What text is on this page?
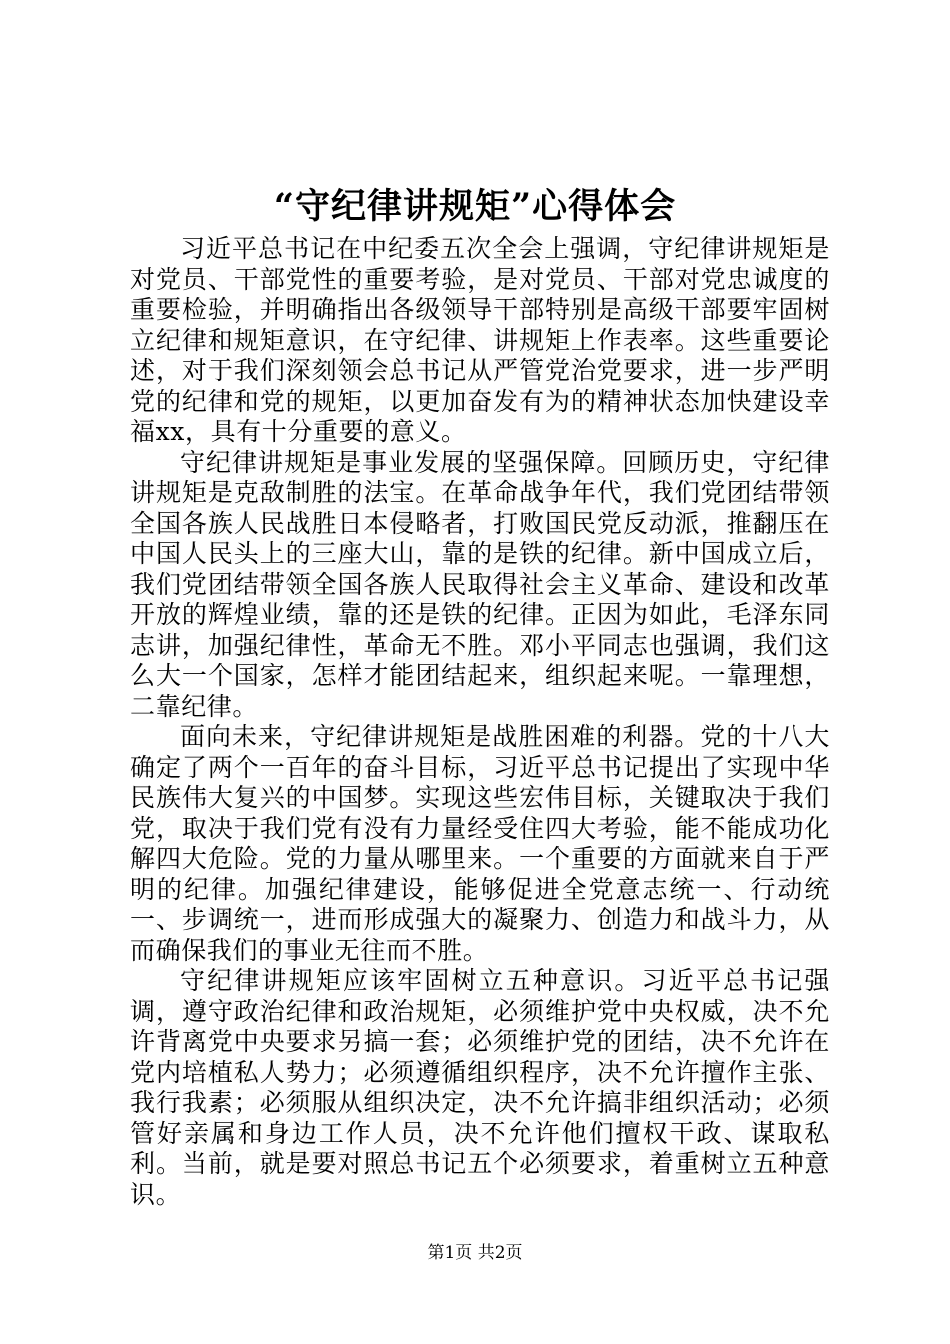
“守纪律讲规矩”心得体会

习近平总书记在中纪委五次全会上强调，守纪律讲规矩是对党员、干部党性的重要考验，是对党员、干部对党忠诚度的重要检验，并明确指出各级领导干部特别是高级干部要牢固树立纪律和规矩意识，在守纪律、讲规矩上作表率。这些重要论述，对于我们深刻领会总书记从严管党治党要求，进一步严明党的纪律和党的规矩，以更加奋发有为的精神状态加快建设幸福xx，具有十分重要的意义。

守纪律讲规矩是事业发展的坚强保障。回顾历史，守纪律讲规矩是克敌制胜的法宝。在革命战争年代，我们党团结带领全国各族人民战胜日本侵略者，打败国民党反动派，推翻压在中国人民头上的三座大山，靠的是铁的纪律。新中国成立后，我们党团结带领全国各族人民取得社会主义革命、建设和改革开放的辉煌业绩，靠的还是铁的纪律。正因为如此，毛泽东同志讲，加强纪律性，革命无不胜。邓小平同志也强调，我们这么大一个国家，怎样才能团结起来，组织起来呢。一靠理想，二靠纪律。

面向未来，守纪律讲规矩是战胜困难的利器。党的十八大确定了两个一百年的奋斗目标，习近平总书记提出了实现中华民族伟大复兴的中国梦。实现这些宏伟目标，关键取决于我们党，取决于我们党有没有力量经受住四大考验，能不能成功化解四大危险。党的力量从哪里来。一个重要的方面就来自于严明的纪律。加强纪律建设，能够促进全党意志统一、行动统一、步调统一，进而形成强大的凝聚力、创造力和战斗力，从而确保我们的事业无往而不胜。

守纪律讲规矩应该牢固树立五种意识。习近平总书记强调，遵守政治纪律和政治规矩，必须维护党中央权威，决不允许背离党中央要求另搞一套；必须维护党的团结，决不允许在党内培植私人势力；必须遵循组织程序，决不允许擅作主张、我行我素；必须服从组织决定，决不允许搞非组织活动；必须管好亲属和身边工作人员，决不允许他们擅权干政、谋取私利。当前，就是要对照总书记五个必须要求，着重树立五种意识。

第1页 共2页
